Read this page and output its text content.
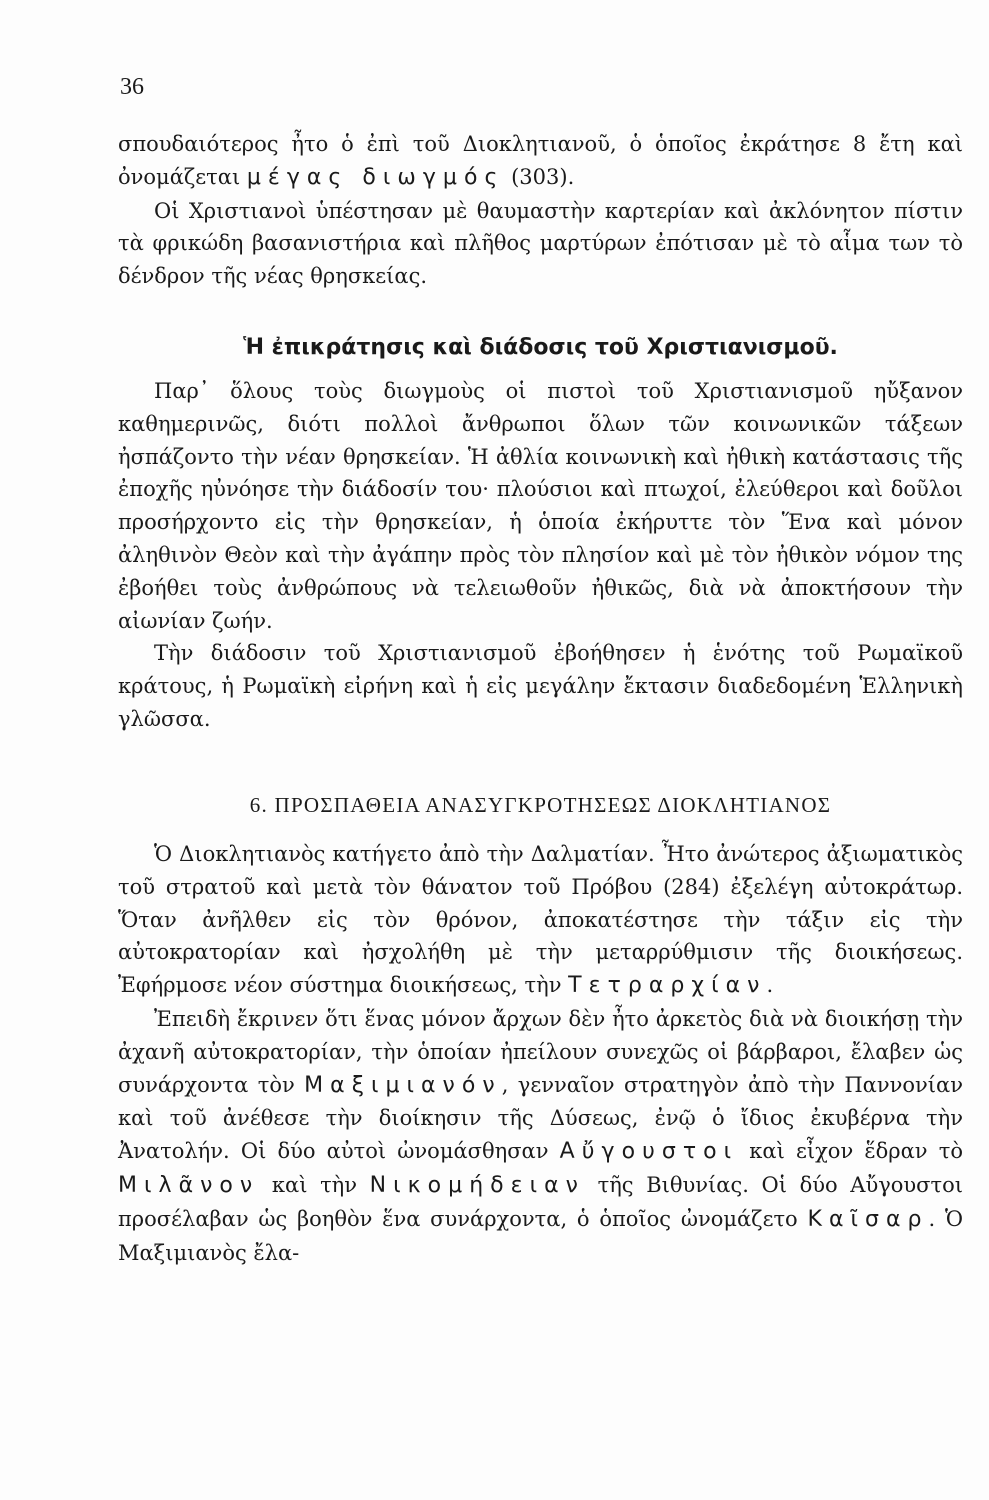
36

σπουδαιότερος ἦτο ὁ ἐπὶ τοῦ Διοκλητιανοῦ, ὁ ὁποῖος ἐκράτησε 8 ἔτη καὶ ὀνομάζεται μέγας διωγμός (303).

Οἱ Χριστιανοὶ ὑπέστησαν μὲ θαυμαστὴν καρτερίαν καὶ ἀκλόνητον πίστιν τὰ φρικώδη βασανιστήρια καὶ πλῆθος μαρτύρων ἐπότισαν μὲ τὸ αἷμα των τὸ δένδρον τῆς νέας θρησκείας.

Ἡ ἐπικράτησις καὶ διάδοσις τοῦ Χριστιανισμοῦ.

Παρ᾽ ὅλους τοὺς διωγμοὺς οἱ πιστοὶ τοῦ Χριστιανισμοῦ ηὔξανον καθημερινῶς, διότι πολλοὶ ἄνθρωποι ὅλων τῶν κοινωνικῶν τάξεων ἠσπάζοντο τὴν νέαν θρησκείαν. Ἡ ἀθλία κοινωνικὴ καὶ ἠθικὴ κατάστασις τῆς ἐποχῆς ηὐνόησε τὴν διάδοσίν του· πλούσιοι καὶ πτωχοί, ἐλεύθεροι καὶ δοῦλοι προσήρχοντο εἰς τὴν θρησκείαν, ἡ ὁποία ἐκήρυττε τὸν Ἕνα καὶ μόνον ἀληθινὸν Θεὸν καὶ τὴν ἀγάπην πρὸς τὸν πλησίον καὶ μὲ τὸν ἠθικὸν νόμον της ἐβοήθει τοὺς ἀνθρώπους νὰ τελειωθοῦν ἠθικῶς, διὰ νὰ ἀποκτήσουν τὴν αἰωνίαν ζωήν.

Τὴν διάδοσιν τοῦ Χριστιανισμοῦ ἐβοήθησεν ἡ ἑνότης τοῦ Ρωμαϊκοῦ κράτους, ἡ Ρωμαϊκὴ εἰρήνη καὶ ἡ εἰς μεγάλην ἔκτασιν διαδεδομένη Ἑλληνικὴ γλῶσσα.

6. ΠΡΟΣΠΑΘΕΙΑ ΑΝΑΣΥΓΚΡΟΤΗΣΕΩΣ ΔΙΟΚΛΗΤΙΑΝΟΣ

Ὁ Διοκλητιανὸς κατήγετο ἀπὸ τὴν Δαλματίαν. Ἦτο ἀνώτερος ἀξιωματικὸς τοῦ στρατοῦ καὶ μετὰ τὸν θάνατον τοῦ Πρόβου (284) ἐξελέγη αὐτοκράτωρ. Ὅταν ἀνῆλθεν εἰς τὸν θρόνον, ἀποκατέστησε τὴν τάξιν εἰς τὴν αὐτοκρατορίαν καὶ ἠσχολήθη μὲ τὴν μεταρρύθμισιν τῆς διοικήσεως. Ἐφήρμοσε νέον σύστημα διοικήσεως, τὴν Τετραρχίαν.

Ἐπειδὴ ἔκρινεν ὅτι ἕνας μόνον ἄρχων δὲν ἦτο ἀρκετὸς διὰ νὰ διοικήσῃ τὴν ἀχανῆ αὐτοκρατορίαν, τὴν ὁποίαν ἠπείλουν συνεχῶς οἱ βάρβαροι, ἔλαβεν ὡς συνάρχοντα τὸν Μαξιμιανόν, γενναῖον στρατηγὸν ἀπὸ τὴν Παννονίαν καὶ τοῦ ἀνέθεσε τὴν διοίκησιν τῆς Δύσεως, ἐνῷ ὁ ἴδιος ἐκυβέρνα τὴν Ἀνατολήν. Οἱ δύο αὐτοὶ ὠνομάσθησαν Αὔγουστοι καὶ εἶχον ἕδραν τὸ Μιλᾶνον καὶ τὴν Νικομήδειαν τῆς Βιθυνίας. Οἱ δύο Αὔγουστοι προσέλαβαν ὡς βοηθὸν ἕνα συνάρχοντα, ὁ ὁποῖος ὠνομάζετο Καῖσαρ. Ὁ Μαξιμιανὸς ἔλα-
